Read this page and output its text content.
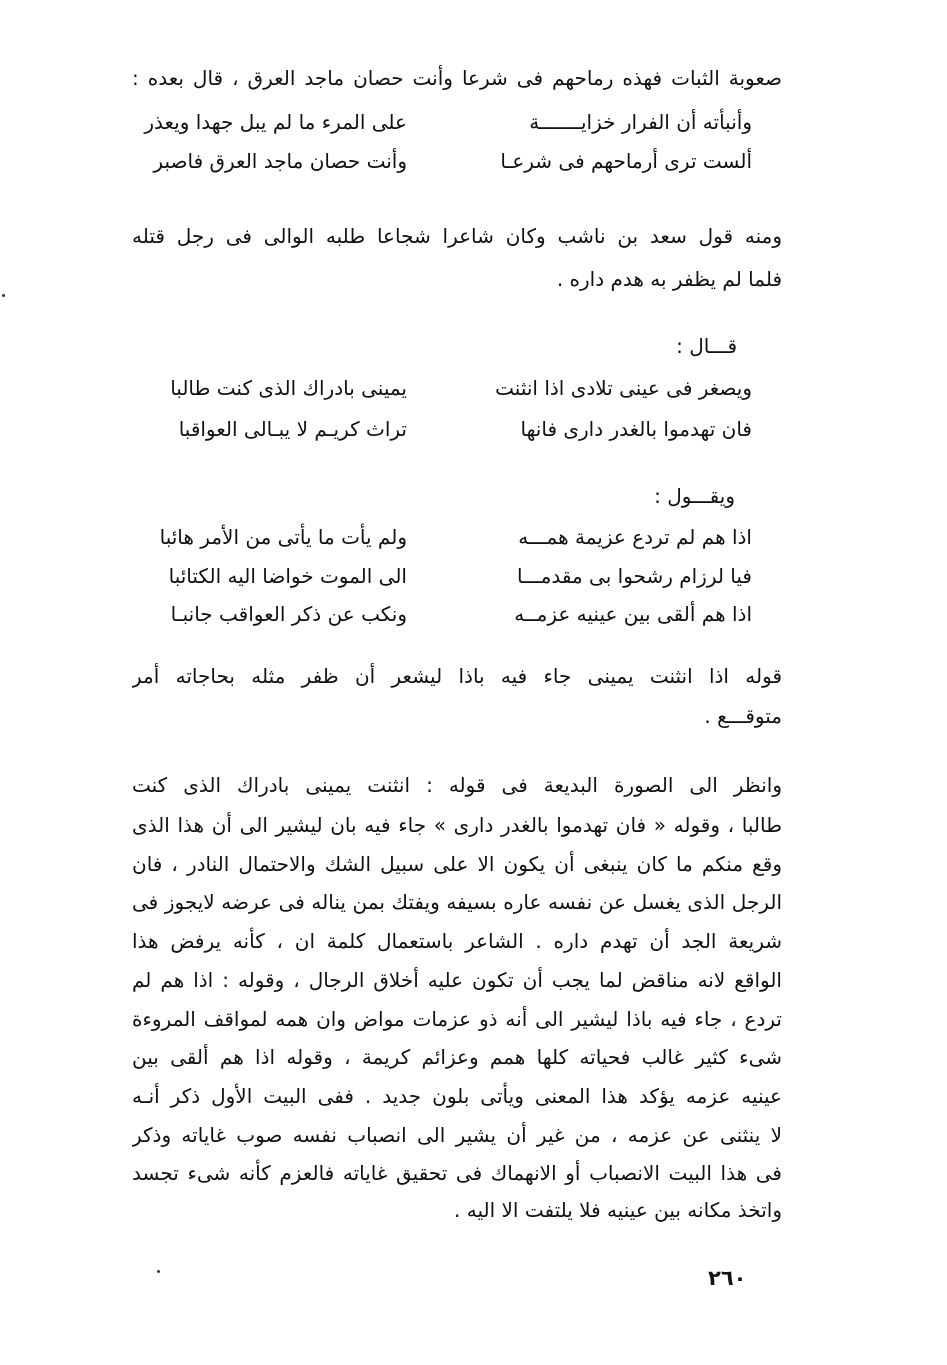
صعوبة الثبات فهذه رماحهم فى شرعا وأنت حصان ماجد العرق ، قال بعده :
وأنبأته أن الفرار خزايـــــــة
على المرء ما لم يبل جهدا ويعذر
ألست ترى أرماحهم فى شرعـا
وأنت حصان ماجد العرق فاصبر
ومنه قول سعد بن ناشب وكان شاعرا شجاعا طلبه الوالى فى رجل قتله
فلما لم يظفر به هدم داره .
قـــال :
ويصغر فى عينى تلادى اذا انثنت
يمينى بادراك الذى كنت طالبا
فان تهدموا بالغدر دارى فانها
تراث كريـم لا يبـالى العواقبا
ويقـــول :
اذا هم لم تردع عزيمة همـــه
ولم يأت ما يأتى من الأمر هائبا
فيا لرزام رشحوا بى مقدمـــا
الى الموت خواضا اليه الكتائبا
اذا هم ألقى بين عينيه عزمــه
ونكب عن ذكر العواقب جانبـا
قوله اذا انثنت يمينى جاء فيه باذا ليشعر أن ظفر مثله بحاجاته أمر
متوقـــع .
وانظر الى الصورة البديعة فى قوله : انثنت يمينى بادراك الذى كنت
طالبا ، وقوله « فان تهدموا بالغدر دارى » جاء فيه بان ليشير الى أن هذا الذى
وقع منكم ما كان ينبغى أن يكون الا على سبيل الشك والاحتمال النادر ، فان
الرجل الذى يغسل عن نفسه عاره بسيفه ويفتك بمن يناله فى عرضه لايجوز فى
شريعة الجد أن تهدم داره . الشاعر باستعمال كلمة ان ، كأنه يرفض هذا
الواقع لانه مناقض لما يجب أن تكون عليه أخلاق الرجال ، وقوله : اذا هم لم
تردع ، جاء فيه باذا ليشير الى أنه ذو عزمات مواض وان همه لمواقف المروءة
شىء كثير غالب فحياته كلها همم وعزائم كريمة ، وقوله اذا هم ألقى بين
عينيه عزمه يؤكد هذا المعنى ويأتى بلون جديد . ففى البيت الأول ذكر أنـه
لا ينثنى عن عزمه ، من غير أن يشير الى انصباب نفسه صوب غاياته وذكر
فى هذا البيت الانصباب أو الانهماك فى تحقيق غاياته فالعزم كأنه شىء تجسد
واتخذ مكانه بين عينيه فلا يلتفت الا اليه .
٢٦٠
